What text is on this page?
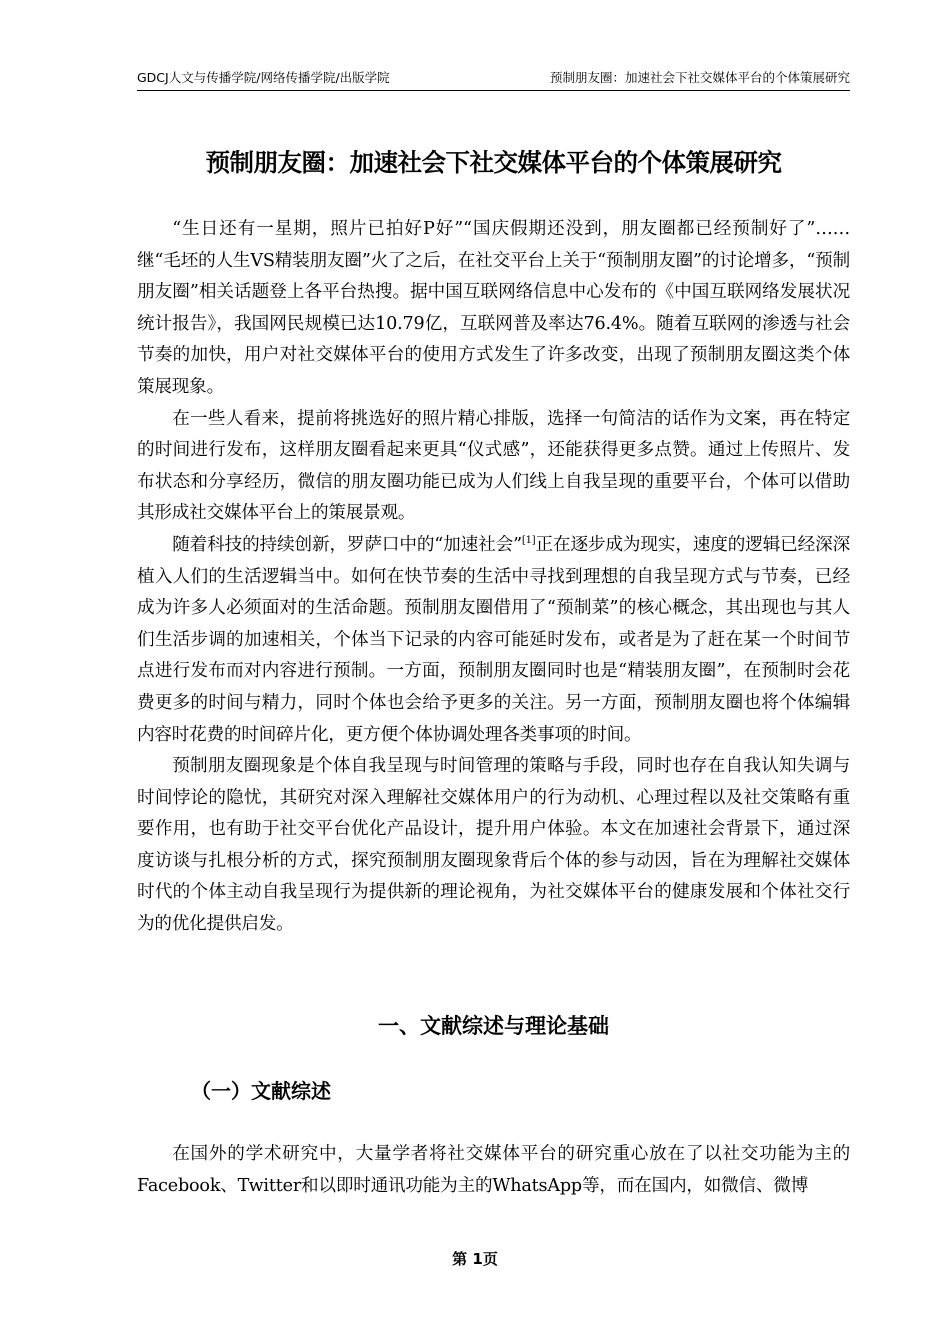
GDCJ人文与传播学院/网络传播学院/出版学院	预制朋友圈：加速社会下社交媒体平台的个体策展研究
预制朋友圈：加速社会下社交媒体平台的个体策展研究

“生日还有一星期，照片已拍好P好”“国庆假期还没到，朋友圈都已经预制好了”……继“毛坯的人生VS精装朋友圈”火了之后，在社交平台上关于“预制朋友圈”的讨论增多，“预制朋友圈”相关话题登上各平台热搜。据中国互联网络信息中心发布的《中国互联网络发展状况统计报告》，我国网民规模已达10.79亿，互联网普及率达76.4%。随着互联网的渗透与社会节奏的加快，用户对社交媒体平台的使用方式发生了许多改变，出现了预制朋友圈这类个体策展现象。

在一些人看来，提前将挑选好的照片精心排版，选择一句简洁的话作为文案，再在特定的时间进行发布，这样朋友圈看起来更具“仪式感”，还能获得更多点赞。通过上传照片、发布状态和分享经历，微信的朋友圈功能已成为人们线上自我呈现的重要平台，个体可以借助其形成社交媒体平台上的策展景观。

随着科技的持续创新，罗萨口中的“加速社会”[1]正在逐步成为现实，速度的逻辑已经深深植入人们的生活逻辑当中。如何在快节奏的生活中寻找到理想的自我呈现方式与节奏，已经成为许多人必须面对的生活命题。预制朋友圈借用了“预制菜”的核心概念，其出现也与其人们生活步调的加速相关，个体当下记录的内容可能延时发布，或者是为了赶在某一个时间节点进行发布而对内容进行预制。一方面，预制朋友圈同时也是“精装朋友圈”，在预制时会花费更多的时间与精力，同时个体也会给予更多的关注。另一方面，预制朋友圈也将个体编辑内容时花费的时间碎片化，更方便个体协调处理各类事项的时间。

预制朋友圈现象是个体自我呈现与时间管理的策略与手段，同时也存在自我认知失调与时间悖论的隐忧，其研究对深入理解社交媒体用户的行为动机、心理过程以及社交策略有重要作用，也有助于社交平台优化产品设计，提升用户体验。本文在加速社会背景下，通过深度访谈与扎根分析的方式，探究预制朋友圈现象背后个体的参与动因，旨在为理解社交媒体时代的个体主动自我呈现行为提供新的理论视角，为社交媒体平台的健康发展和个体社交行为的优化提供启发。

一、文献综述与理论基础
（一）文献综述

在国外的学术研究中，大量学者将社交媒体平台的研究重心放在了以社交功能为主的Facebook、Twitter和以即时通讯功能为主的WhatsApp等，而在国内，如微信、微博

第 1页
